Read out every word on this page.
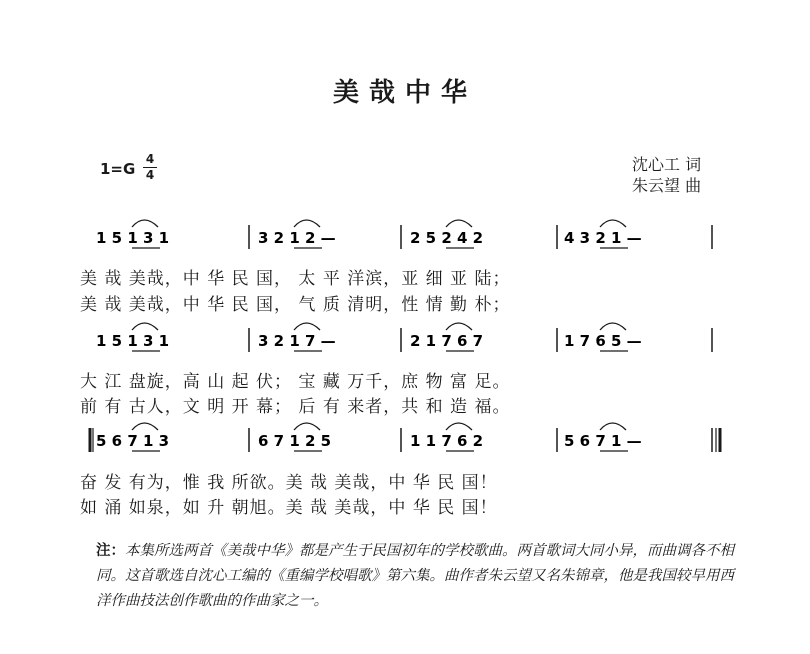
美哉中华
1=G
4
4
沈心工 词
朱云望 曲
1 5 1 3 1	3 2 1 2 —	2 5 2 4 2	4 3 2 1 —
1 5 1 3 1	3 2 1 7 —	2 1 7 6 7	1 7 6 5 —
5 6 7 1 3	6 7 1 2 5	1 1 7 6 2	5 6 7 1 —
美 哉 美哉，中 华 民 国， 太 平 洋滨，亚 细 亚 陆；
美 哉 美哉，中 华 民 国， 气 质 清明，性 情 勤 朴；
大 江 盘旋，高 山 起 伏； 宝 藏 万千，庶 物 富 足。
前 有 古人，文 明 开 幕； 后 有 来者，共 和 造 福。
奋 发 有为，惟 我 所欲。美 哉 美哉，中 华 民 国！
如 涌 如泉，如 升 朝旭。美 哉 美哉，中 华 民 国！
注：本集所选两首《美哉中华》都是产生于民国初年的学校歌曲。两首歌词大同小异，而曲调各不相同。这首歌选自沈心工编的《重编学校唱歌》第六集。曲作者朱云望又名朱锦章，他是我国较早用西洋作曲技法创作歌曲的作曲家之一。
